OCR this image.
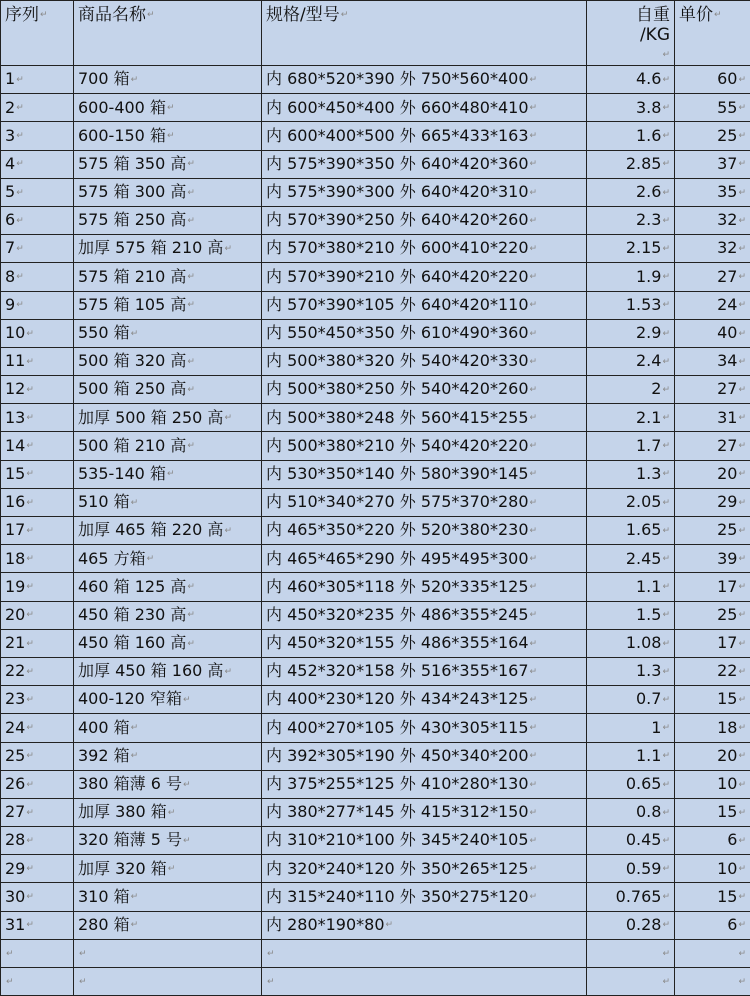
序列↵	商品名称↵	规格/型号↵	自重
/KG
↵	单价↵
1↵	700 箱↵	内 680*520*390 外 750*560*400↵	4.6↵	60↵
2↵	600-400 箱↵	内 600*450*400 外 660*480*410↵	3.8↵	55↵
3↵	600-150 箱↵	内 600*400*500 外 665*433*163↵	1.6↵	25↵
4↵	575 箱 350 高↵	内 575*390*350 外 640*420*360↵	2.85↵	37↵
5↵	575 箱 300 高↵	内 575*390*300 外 640*420*310↵	2.6↵	35↵
6↵	575 箱 250 高↵	内 570*390*250 外 640*420*260↵	2.3↵	32↵
7↵	加厚 575 箱 210 高↵	内 570*380*210 外 600*410*220↵	2.15↵	32↵
8↵	575 箱 210 高↵	内 570*390*210 外 640*420*220↵	1.9↵	27↵
9↵	575 箱 105 高↵	内 570*390*105 外 640*420*110↵	1.53↵	24↵
10↵	550 箱↵	内 550*450*350 外 610*490*360↵	2.9↵	40↵
11↵	500 箱 320 高↵	内 500*380*320 外 540*420*330↵	2.4↵	34↵
12↵	500 箱 250 高↵	内 500*380*250 外 540*420*260↵	2↵	27↵
13↵	加厚 500 箱 250 高↵	内 500*380*248 外 560*415*255↵	2.1↵	31↵
14↵	500 箱 210 高↵	内 500*380*210 外 540*420*220↵	1.7↵	27↵
15↵	535-140 箱↵	内 530*350*140 外 580*390*145↵	1.3↵	20↵
16↵	510 箱↵	内 510*340*270 外 575*370*280↵	2.05↵	29↵
17↵	加厚 465 箱 220 高↵	内 465*350*220 外 520*380*230↵	1.65↵	25↵
18↵	465 方箱↵	内 465*465*290 外 495*495*300↵	2.45↵	39↵
19↵	460 箱 125 高↵	内 460*305*118 外 520*335*125↵	1.1↵	17↵
20↵	450 箱 230 高↵	内 450*320*235 外 486*355*245↵	1.5↵	25↵
21↵	450 箱 160 高↵	内 450*320*155 外 486*355*164↵	1.08↵	17↵
22↵	加厚 450 箱 160 高↵	内 452*320*158 外 516*355*167↵	1.3↵	22↵
23↵	400-120 窄箱↵	内 400*230*120 外 434*243*125↵	0.7↵	15↵
24↵	400 箱↵	内 400*270*105 外 430*305*115↵	1↵	18↵
25↵	392 箱↵	内 392*305*190 外 450*340*200↵	1.1↵	20↵
26↵	380 箱薄 6 号↵	内 375*255*125 外 410*280*130↵	0.65↵	10↵
27↵	加厚 380 箱↵	内 380*277*145 外 415*312*150↵	0.8↵	15↵
28↵	320 箱薄 5 号↵	内 310*210*100 外 345*240*105↵	0.45↵	6↵
29↵	加厚 320 箱↵	内 320*240*120 外 350*265*125↵	0.59↵	10↵
30↵	310 箱↵	内 315*240*110 外 350*275*120↵	0.765↵	15↵
31↵	280 箱↵	内 280*190*80↵	0.28↵	6↵
↵	↵	↵	↵	↵
↵	↵	↵	↵	↵
